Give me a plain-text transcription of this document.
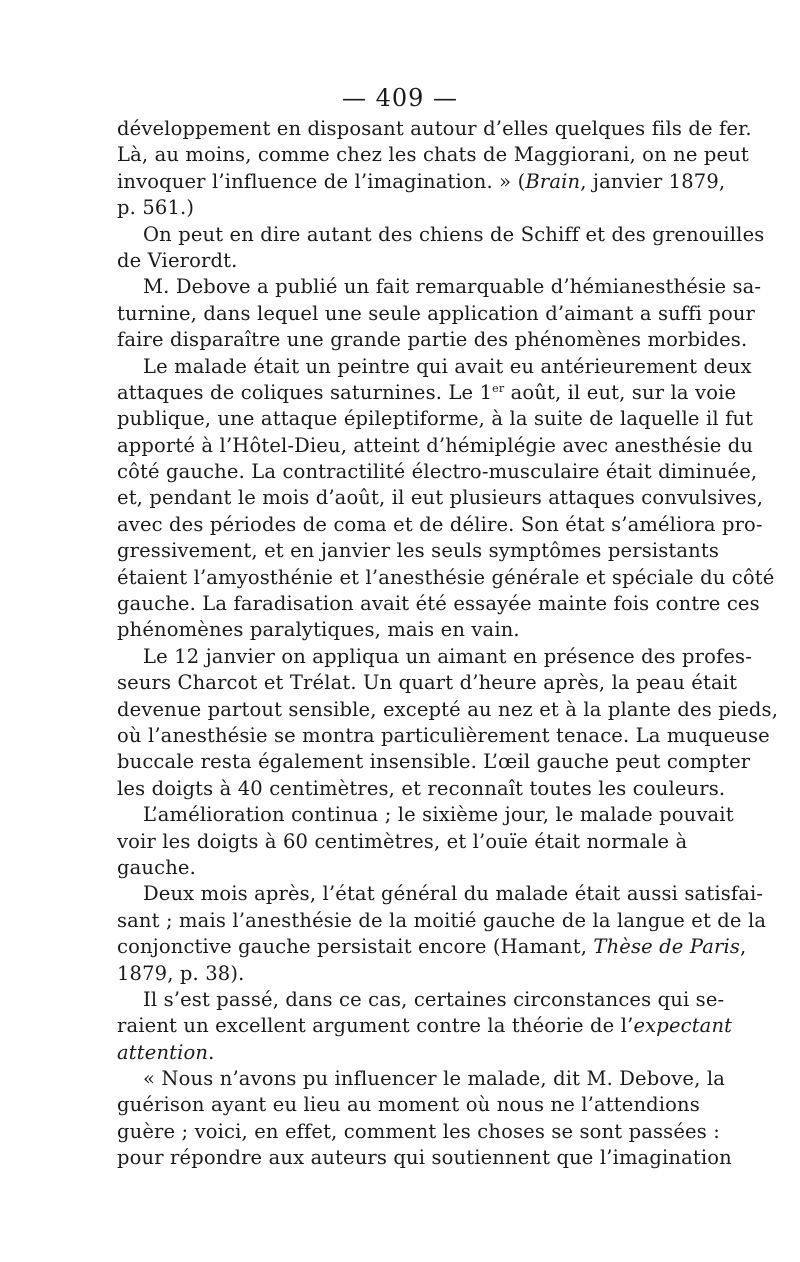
— 409 —
développement en disposant autour d’elles quelques fils de fer.
Là, au moins, comme chez les chats de Maggiorani, on ne peut
invoquer l’influence de l’imagination. » (Brain, janvier 1879,
p. 561.)
On peut en dire autant des chiens de Schiff et des grenouilles
de Vierordt.
M. Debove a publié un fait remarquable d’hémianesthésie sa-
turnine, dans lequel une seule application d’aimant a suffi pour
faire disparaître une grande partie des phénomènes morbides.
Le malade était un peintre qui avait eu antérieurement deux
attaques de coliques saturnines. Le 1er août, il eut, sur la voie
publique, une attaque épileptiforme, à la suite de laquelle il fut
apporté à l’Hôtel-Dieu, atteint d’hémiplégie avec anesthésie du
côté gauche. La contractilité électro-musculaire était diminuée,
et, pendant le mois d’août, il eut plusieurs attaques convulsives,
avec des périodes de coma et de délire. Son état s’améliora pro-
gressivement, et en janvier les seuls symptômes persistants
étaient l’amyosthénie et l’anesthésie générale et spéciale du côté
gauche. La faradisation avait été essayée mainte fois contre ces
phénomènes paralytiques, mais en vain.
Le 12 janvier on appliqua un aimant en présence des profes-
seurs Charcot et Trélat. Un quart d’heure après, la peau était
devenue partout sensible, excepté au nez et à la plante des pieds,
où l’anesthésie se montra particulièrement tenace. La muqueuse
buccale resta également insensible. L’œil gauche peut compter
les doigts à 40 centimètres, et reconnaît toutes les couleurs.
L’amélioration continua ; le sixième jour, le malade pouvait
voir les doigts à 60 centimètres, et l’ouïe était normale à
gauche.
Deux mois après, l’état général du malade était aussi satisfai-
sant ; mais l’anesthésie de la moitié gauche de la langue et de la
conjonctive gauche persistait encore (Hamant, Thèse de Paris,
1879, p. 38).
Il s’est passé, dans ce cas, certaines circonstances qui se-
raient un excellent argument contre la théorie de l’expectant
attention.
« Nous n’avons pu influencer le malade, dit M. Debove, la
guérison ayant eu lieu au moment où nous ne l’attendions
guère ; voici, en effet, comment les choses se sont passées :
pour répondre aux auteurs qui soutiennent que l’imagination
